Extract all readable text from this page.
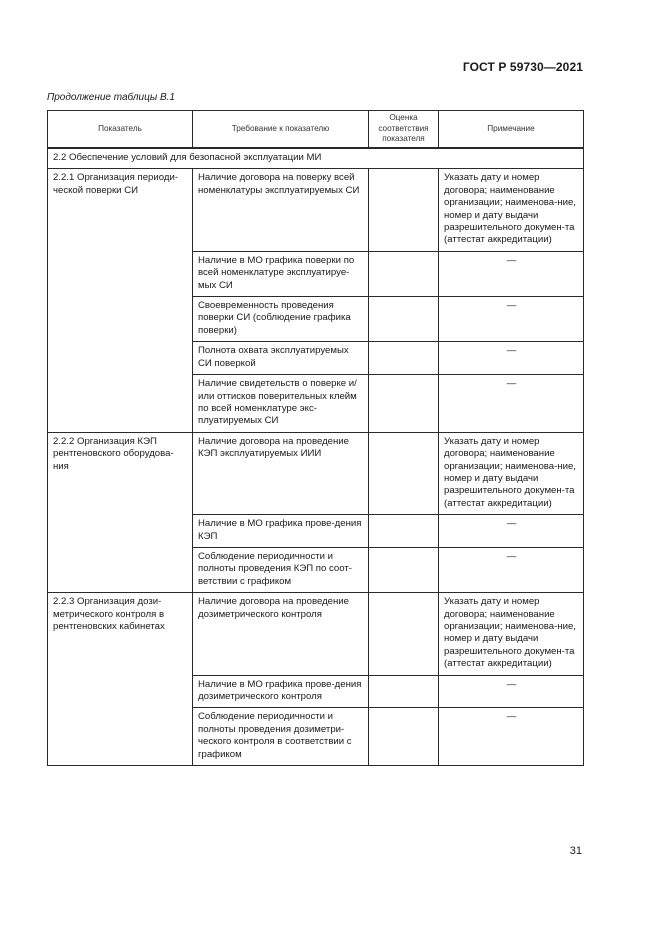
ГОСТ Р 59730—2021
Продолжение таблицы В.1
Показатель	Требование к показателю	Оценка соответствия показателя	Примечание
2.2 Обеспечение условий для безопасной эксплуатации МИ			
2.2.1 Организация периоди-ческой поверки СИ	Наличие договора на поверку всей номенклатуры эксплуатируемых СИ		Указать дату и номер договора; наименование организации; наименова-ние, номер и дату выдачи разрешительного докумен-та (аттестат аккредитации)
	Наличие в МО графика поверки по всей номенклатуре эксплуатируе-мых СИ		—
	Своевременность проведения поверки СИ (соблюдение графика поверки)		—
	Полнота охвата эксплуатируемых СИ поверкой		—
	Наличие свидетельств о поверке и/или оттисков поверительных клейм по всей номенклатуре экс-плуатируемых СИ		—
2.2.2 Организация КЭП рентгеновского оборудова-ния	Наличие договора на проведение КЭП эксплуатируемых ИИИ		Указать дату и номер договора; наименование организации; наименова-ние, номер и дату выдачи разрешительного докумен-та (аттестат аккредитации)
	Наличие в МО графика прове-дения КЭП		—
	Соблюдение периодичности и полноты проведения КЭП по соот-ветствии с графиком		—
2.2.3 Организация дози-метрического контроля в рентгеновских кабинетах	Наличие договора на проведение дозиметрического контроля		Указать дату и номер договора; наименование организации; наименова-ние, номер и дату выдачи разрешительного докумен-та (аттестат аккредитации)
	Наличие в МО графика прове-дения дозиметрического контроля		—
	Соблюдение периодичности и полноты проведения дозиметри-ческого контроля в соответствии с графиком		—
31
